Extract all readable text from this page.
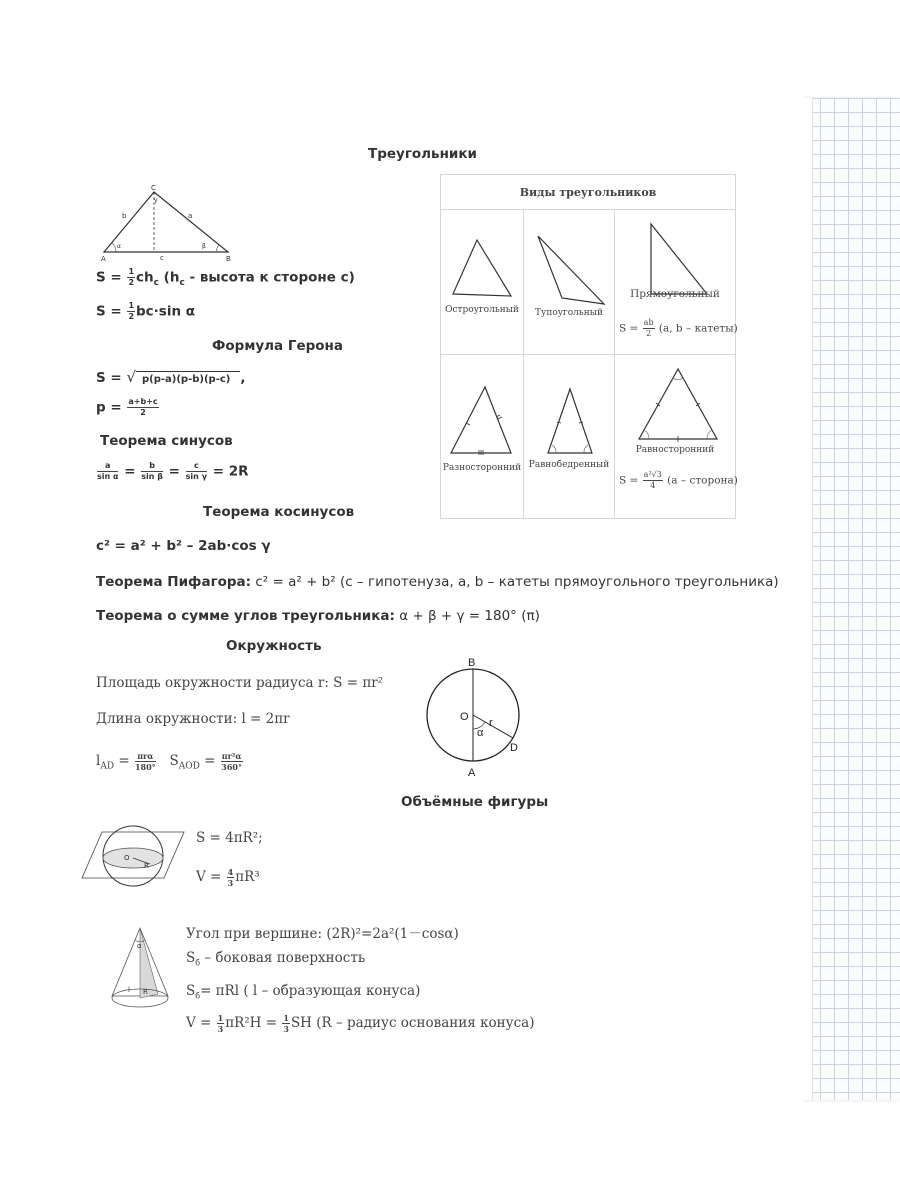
Треугольники
C
A	B
b	a
c
α	β
γ
$S = \frac{1}{2} ch_c$ ($h_c$ - высота к стороне с)
$S = \frac{1}{2} bc\cdot\sin$ α
Формула Герона
S = √ p(p-a)(p-b)(p-c) ,
$p = \frac{a+b+c}{2}$
Теорема синусов
$\frac{a}{\text{sin α}} = \frac{b}{\text{sin β}} = \frac{c}{\text{sin γ}} = 2R$
Теорема косинусов
c² = a² + b² – 2ab·cos γ
Теорема Пифагора: c² = a² + b² (c – гипотенуза, a, b – катеты прямоугольного треугольника)
Теорема о сумме углов треугольника: α + β + γ = 180° (π)
Виды треугольников		

Остроугольный	Тупоугольный	Прямоугольный
$S = \frac{ab}{2} (a$, b – катеты)

Разносторонний	Равнобедренный	Равносторонний
$S = \frac{\text{a²√3}}{4} (a$ – сторона)
Окружность
Площадь окружности радиуса r: S = πr²
Длина окружности: l = 2πr
$l_{AD} = \frac{\text{πrα}}{180^\circ} S_{AOD} = \frac{\text{πr²α}}{360^\circ}$
B
O r
α
D
A
Объёмные фигуры
O
R
S = 4πR²;
$V = \frac{4}{3} \pi R^3$
α
l R
Угол при вершине: (2R)²=2a²(1－cosα)
$S_б$ – боковая поверхность
$S_б= \pi Rl$ ( l – образующая конуса)
$V = \frac{1}{3} \pi R^2H = \frac{1}{3}$ SH (R – радиус основания конуса)
